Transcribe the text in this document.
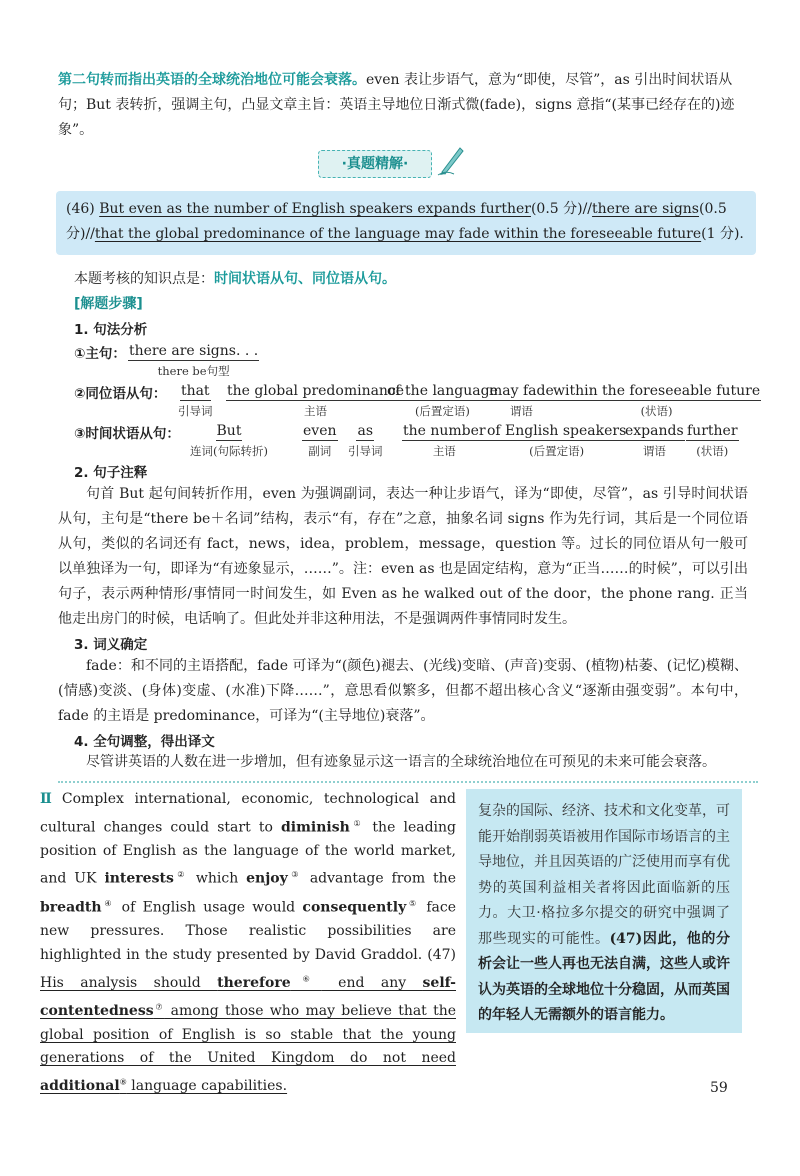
第二句转而指出英语的全球统治地位可能会衰落。even 表让步语气，意为“即使，尽管”，as 引出时间状语从句；But 表转折，强调主句，凸显文章主旨：英语主导地位日渐式微(fade)，signs 意指“(某事已经存在的)迹象”。
·真题精解·
(46) But even as the number of English speakers expands further(0.5 分)//there are signs(0.5 分)//that the global predominance of the language may fade within the foreseeable future(1 分).
本题考核的知识点是：时间状语从句、同位语从句。
[解题步骤]
1. 句法分析
①主句： there are signs. . .
there be句型
②同位语从句：	that
引导词
the global predominance
主语
of the language
(后置定语)
may fade
谓语
within the foreseeable future
(状语)
③时间状语从句：	But
连词(句际转折)
even
副词
as
引导词
the number
主语
of English speakers
(后置定语)
expands
谓语
further
(状语)
2. 句子注释
句首 But 起句间转折作用，even 为强调副词，表达一种让步语气，译为“即使，尽管”，as 引导时间状语从句，主句是“there be＋名词”结构，表示“有，存在”之意，抽象名词 signs 作为先行词，其后是一个同位语从句，类似的名词还有 fact，news，idea，problem，message，question 等。过长的同位语从句一般可以单独译为一句，即译为“有迹象显示，……”。注：even as 也是固定结构，意为“正当……的时候”，可以引出句子，表示两种情形/事情同一时间发生，如 Even as he walked out of the door，the phone rang. 正当他走出房门的时候，电话响了。但此处并非这种用法，不是强调两件事情同时发生。
3. 词义确定
fade：和不同的主语搭配，fade 可译为“(颜色)褪去、(光线)变暗、(声音)变弱、(植物)枯萎、(记忆)模糊、(情感)变淡、(身体)变虚、(水准)下降……”，意思看似繁多，但都不超出核心含义“逐渐由强变弱”。本句中，fade 的主语是 predominance，可译为“(主导地位)衰落”。
4. 全句调整，得出译文
尽管讲英语的人数在进一步增加，但有迹象显示这一语言的全球统治地位在可预见的未来可能会衰落。
Ⅱ Complex international, economic, technological and cultural changes could start to diminish① the leading position of English as the language of the world market, and UK interests② which enjoy③ advantage from the breadth④ of English usage would consequently⑤ face new pressures. Those realistic possibilities are highlighted in the study presented by David Graddol. (47) His analysis should therefore⑥ end any self-contentedness⑦ among those who may believe that the global position of English is so stable that the young generations of the United Kingdom do not need additional⑧ language capabilities.
复杂的国际、经济、技术和文化变革，可能开始削弱英语被用作国际市场语言的主导地位，并且因英语的广泛使用而享有优势的英国利益相关者将因此面临新的压力。大卫·格拉多尔提交的研究中强调了那些现实的可能性。(47)因此，他的分析会让一些人再也无法自满，这些人或许认为英语的全球地位十分稳固，从而英国的年轻人无需额外的语言能力。
59
